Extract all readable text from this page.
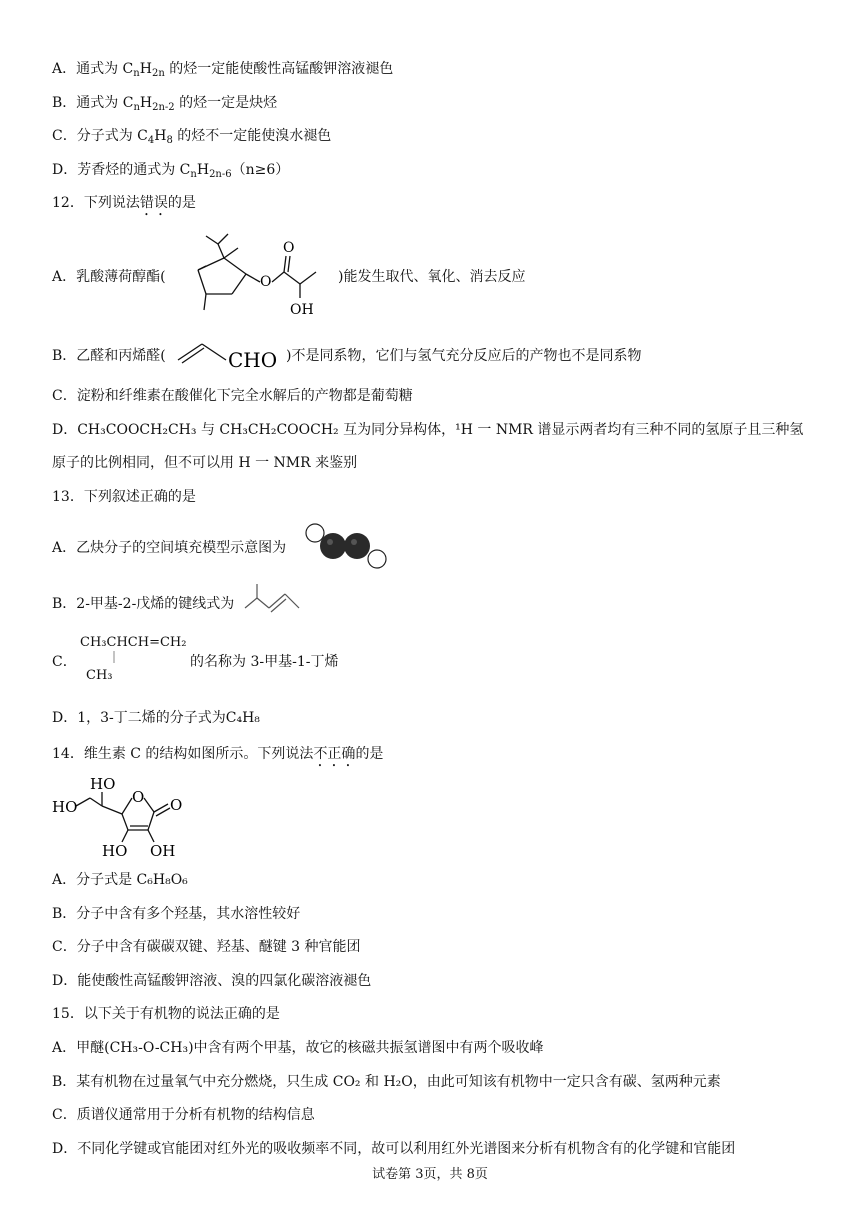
A．通式为 $C_nH_{2n}$ 的烃一定能使酸性高锰酸钾溶液褪色
B．通式为 $C_nH_{2n-2}$ 的烃一定是炔烃
C．分子式为 $C_4H_8$ 的烃不一定能使溴水褪色
D．芳香烃的通式为 $C_nH_{2n-6}(n\ge 6)$
12．下列说法错误的是
A．乳酸薄荷醇酯(	O
O
OH
)能发生取代、氧化、消去反应
B．乙醛和丙烯醛(	CHO )不是同系物，它们与氢气充分反应后的产物也不是同系物
C．淀粉和纤维素在酸催化下完全水解后的产物都是葡萄糖
D．CH₃COOCH₂CH₃ 与 CH₃CH₂COOCH₂ 互为同分异构体，¹H 一 NMR 谱显示两者均有三种不同的氢原子且三种氢
原子的比例相同，但不可以用 H 一 NMR 来鉴别
13．下列叙述正确的是
A．乙炔分子的空间填充模型示意图为
B．2-甲基-2-戊烯的键线式为
C．
CH₃CHCH=CH₂
CH₃
的名称为 3-甲基-1-丁烯
D．1，3-丁二烯的分子式为C₄H₈
14．维生素 C 的结构如图所示。下列说法不正确的是
HO
HO
O O
HO OH
A．分子式是 C₆H₈O₆
B．分子中含有多个羟基，其水溶性较好
C．分子中含有碳碳双键、羟基、醚键 3 种官能团
D．能使酸性高锰酸钾溶液、溴的四氯化碳溶液褪色
15．以下关于有机物的说法正确的是
A．甲醚(CH₃-O-CH₃)中含有两个甲基，故它的核磁共振氢谱图中有两个吸收峰
B．某有机物在过量氧气中充分燃烧，只生成 CO₂ 和 H₂O，由此可知该有机物中一定只含有碳、氢两种元素
C．质谱仪通常用于分析有机物的结构信息
D．不同化学键或官能团对红外光的吸收频率不同，故可以利用红外光谱图来分析有机物含有的化学键和官能团
试卷第 3页，共 8页
